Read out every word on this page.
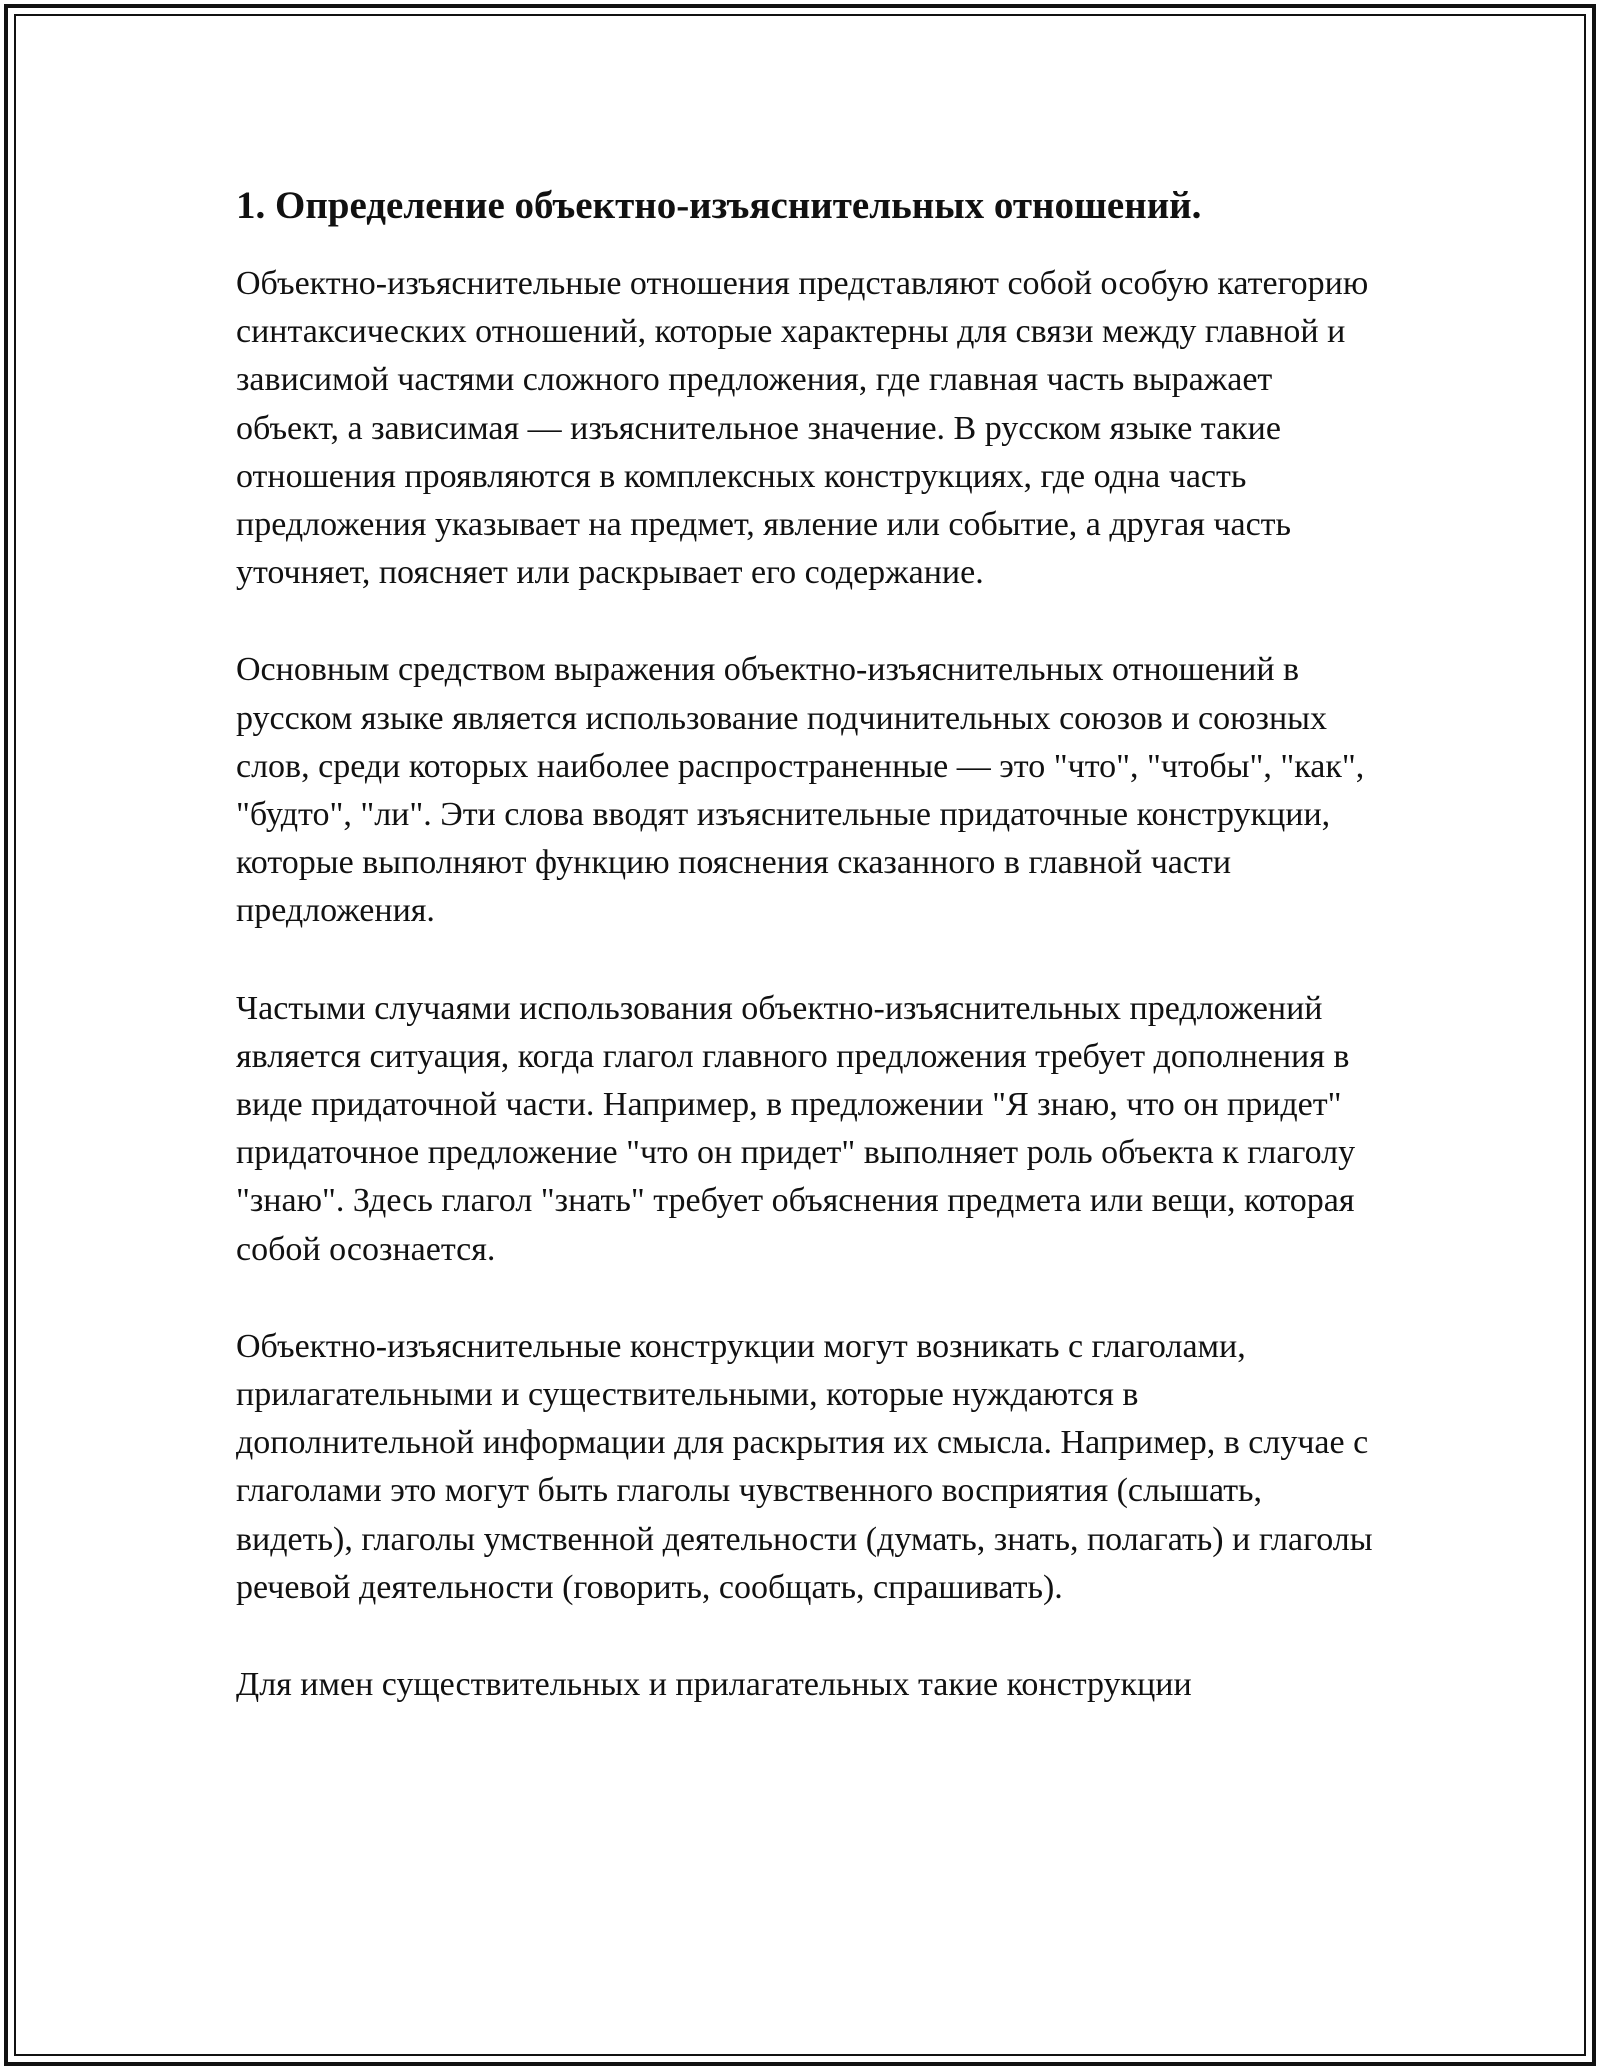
1. Определение объектно-изъяснительных отношений.

Объектно-изъяснительные отношения представляют собой особую категорию синтаксических отношений, которые характерны для связи между главной и зависимой частями сложного предложения, где главная часть выражает объект, а зависимая — изъяснительное значение. В русском языке такие отношения проявляются в комплексных конструкциях, где одна часть предложения указывает на предмет, явление или событие, а другая часть уточняет, поясняет или раскрывает его содержание.

Основным средством выражения объектно-изъяснительных отношений в русском языке является использование подчинительных союзов и союзных слов, среди которых наиболее распространенные — это "что", "чтобы", "как", "будто", "ли". Эти слова вводят изъяснительные придаточные конструкции, которые выполняют функцию пояснения сказанного в главной части предложения.

Частыми случаями использования объектно-изъяснительных предложений является ситуация, когда глагол главного предложения требует дополнения в виде придаточной части. Например, в предложении "Я знаю, что он придет" придаточное предложение "что он придет" выполняет роль объекта к глаголу "знаю". Здесь глагол "знать" требует объяснения предмета или вещи, которая собой осознается.

Объектно-изъяснительные конструкции могут возникать с глаголами, прилагательными и существительными, которые нуждаются в дополнительной информации для раскрытия их смысла. Например, в случае с глаголами это могут быть глаголы чувственного восприятия (слышать, видеть), глаголы умственной деятельности (думать, знать, полагать) и глаголы речевой деятельности (говорить, сообщать, спрашивать).

Для имен существительных и прилагательных такие конструкции
